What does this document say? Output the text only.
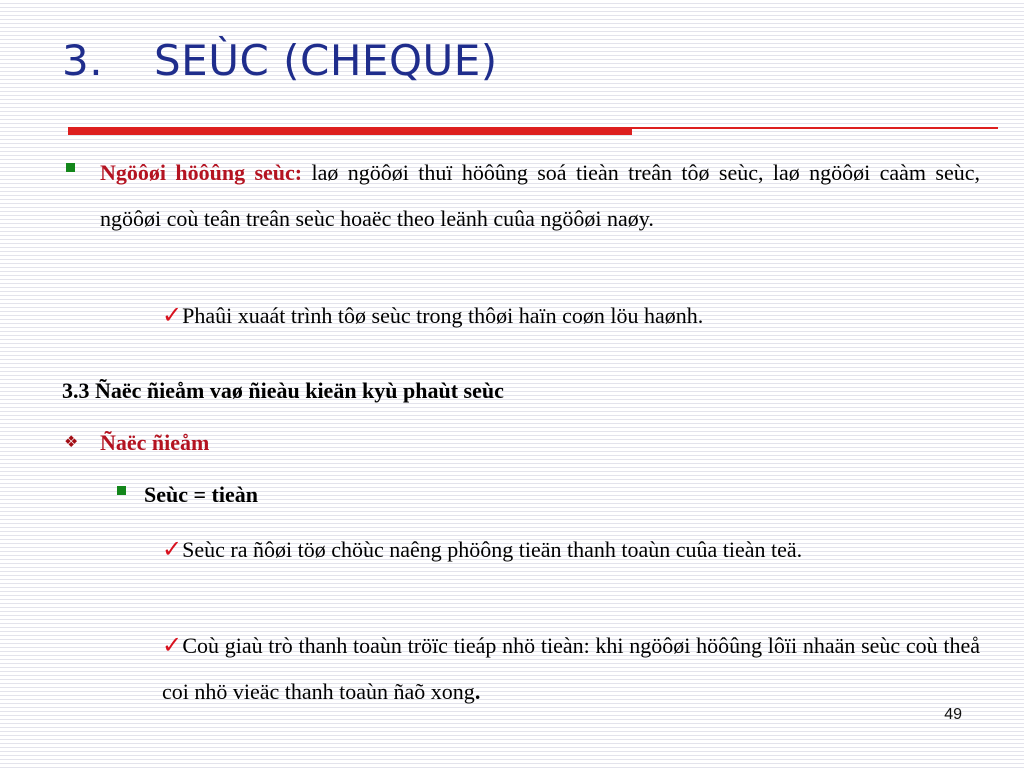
3. SEÙC (CHEQUE)
Ngöôøi höôûng seùc: laø ngöôøi thuï höôûng soá tieàn treân tôø seùc, laø ngöôøi caàm seùc, ngöôøi coù teân treân seùc hoaëc theo leänh cuûa ngöôøi naøy.
✓Phaûi xuaát trình tôø seùc trong thôøi haïn coøn löu haønh.
3.3 Ñaëc ñieåm vaø ñieàu kieän kyù phaùt seùc
❖ Ñaëc ñieåm
Seùc = tieàn
✓Seùc ra ñôøi töø chöùc naêng phöông tieän thanh toaùn cuûa tieàn teä.
✓Coù giaù trò thanh toaùn tröïc tieáp nhö tieàn: khi ngöôøi höôûng lôïi nhaän seùc coù theå coi nhö vieäc thanh toaùn ñaõ xong.
49
